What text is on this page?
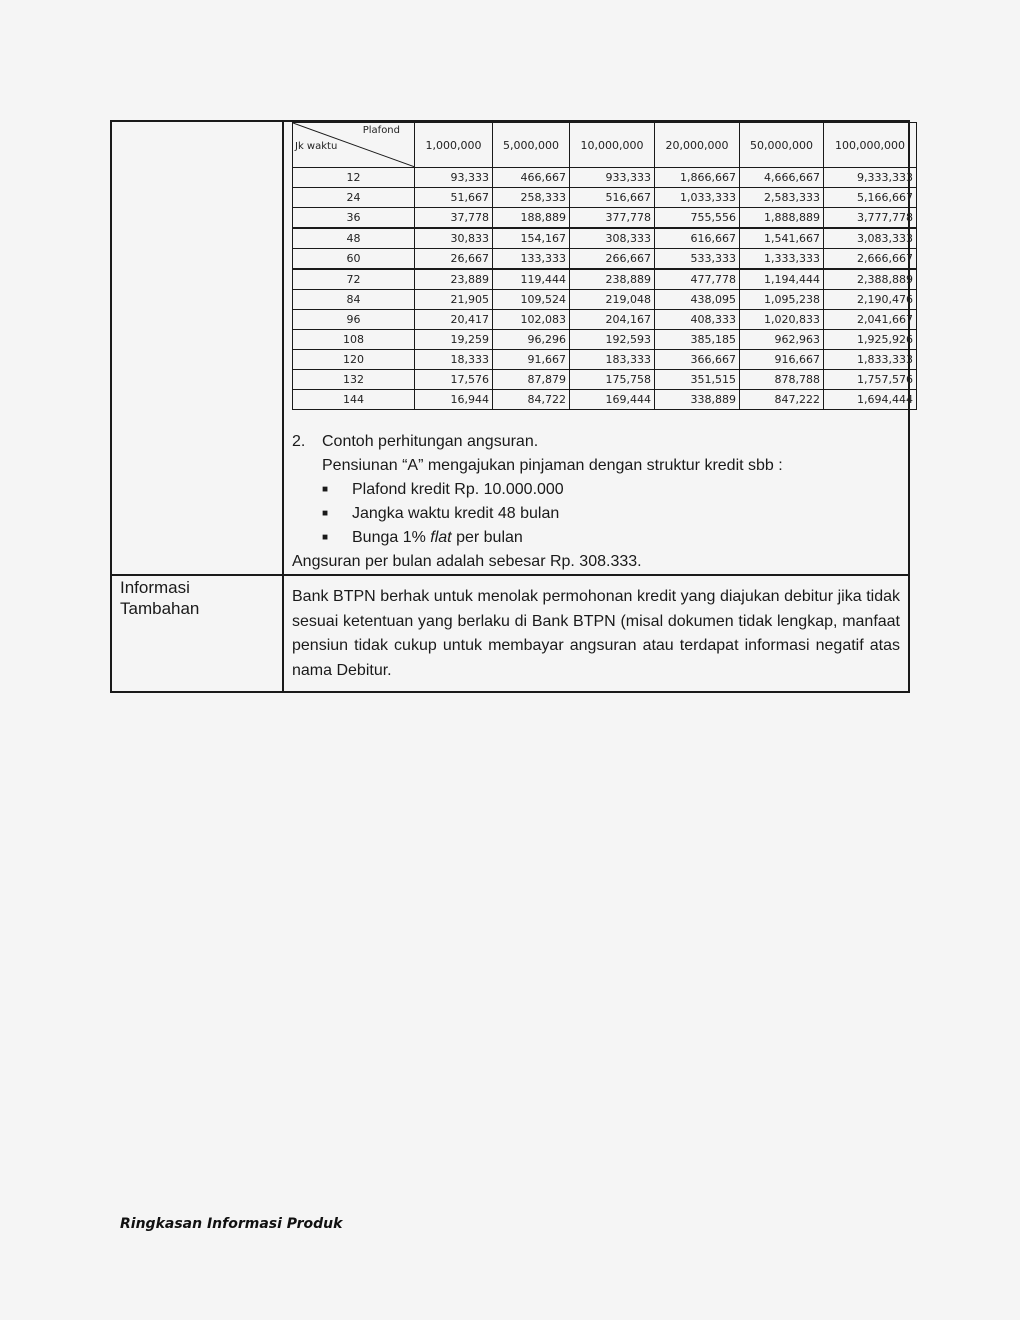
Plafond
Jk waktu	1,000,000	5,000,000	10,000,000	20,000,000	50,000,000	100,000,000
12	93,333	466,667	933,333	1,866,667	4,666,667	9,333,333
24	51,667	258,333	516,667	1,033,333	2,583,333	5,166,667
36	37,778	188,889	377,778	755,556	1,888,889	3,777,778
48	30,833	154,167	308,333	616,667	1,541,667	3,083,333
60	26,667	133,333	266,667	533,333	1,333,333	2,666,667
72	23,889	119,444	238,889	477,778	1,194,444	2,388,889
84	21,905	109,524	219,048	438,095	1,095,238	2,190,476
96	20,417	102,083	204,167	408,333	1,020,833	2,041,667
108	19,259	96,296	192,593	385,185	962,963	1,925,926
120	18,333	91,667	183,333	366,667	916,667	1,833,333
132	17,576	87,879	175,758	351,515	878,788	1,757,576
144	16,944	84,722	169,444	338,889	847,222	1,694,444
2. Contoh perhitungan angsuran.
Pensiunan “A” mengajukan pinjaman dengan struktur kredit sbb :
■	Plafond kredit Rp. 10.000.000
■	Jangka waktu kredit 48 bulan
■	Bunga 1% flat per bulan
Angsuran per bulan adalah sebesar Rp. 308.333.

Informasi
Tambahan

Bank BTPN berhak untuk menolak permohonan kredit yang diajukan debitur jika tidak sesuai ketentuan yang berlaku di Bank BTPN (misal dokumen tidak lengkap, manfaat pensiun tidak cukup untuk membayar angsuran atau terdapat informasi negatif atas nama Debitur.
Ringkasan Informasi Produk
